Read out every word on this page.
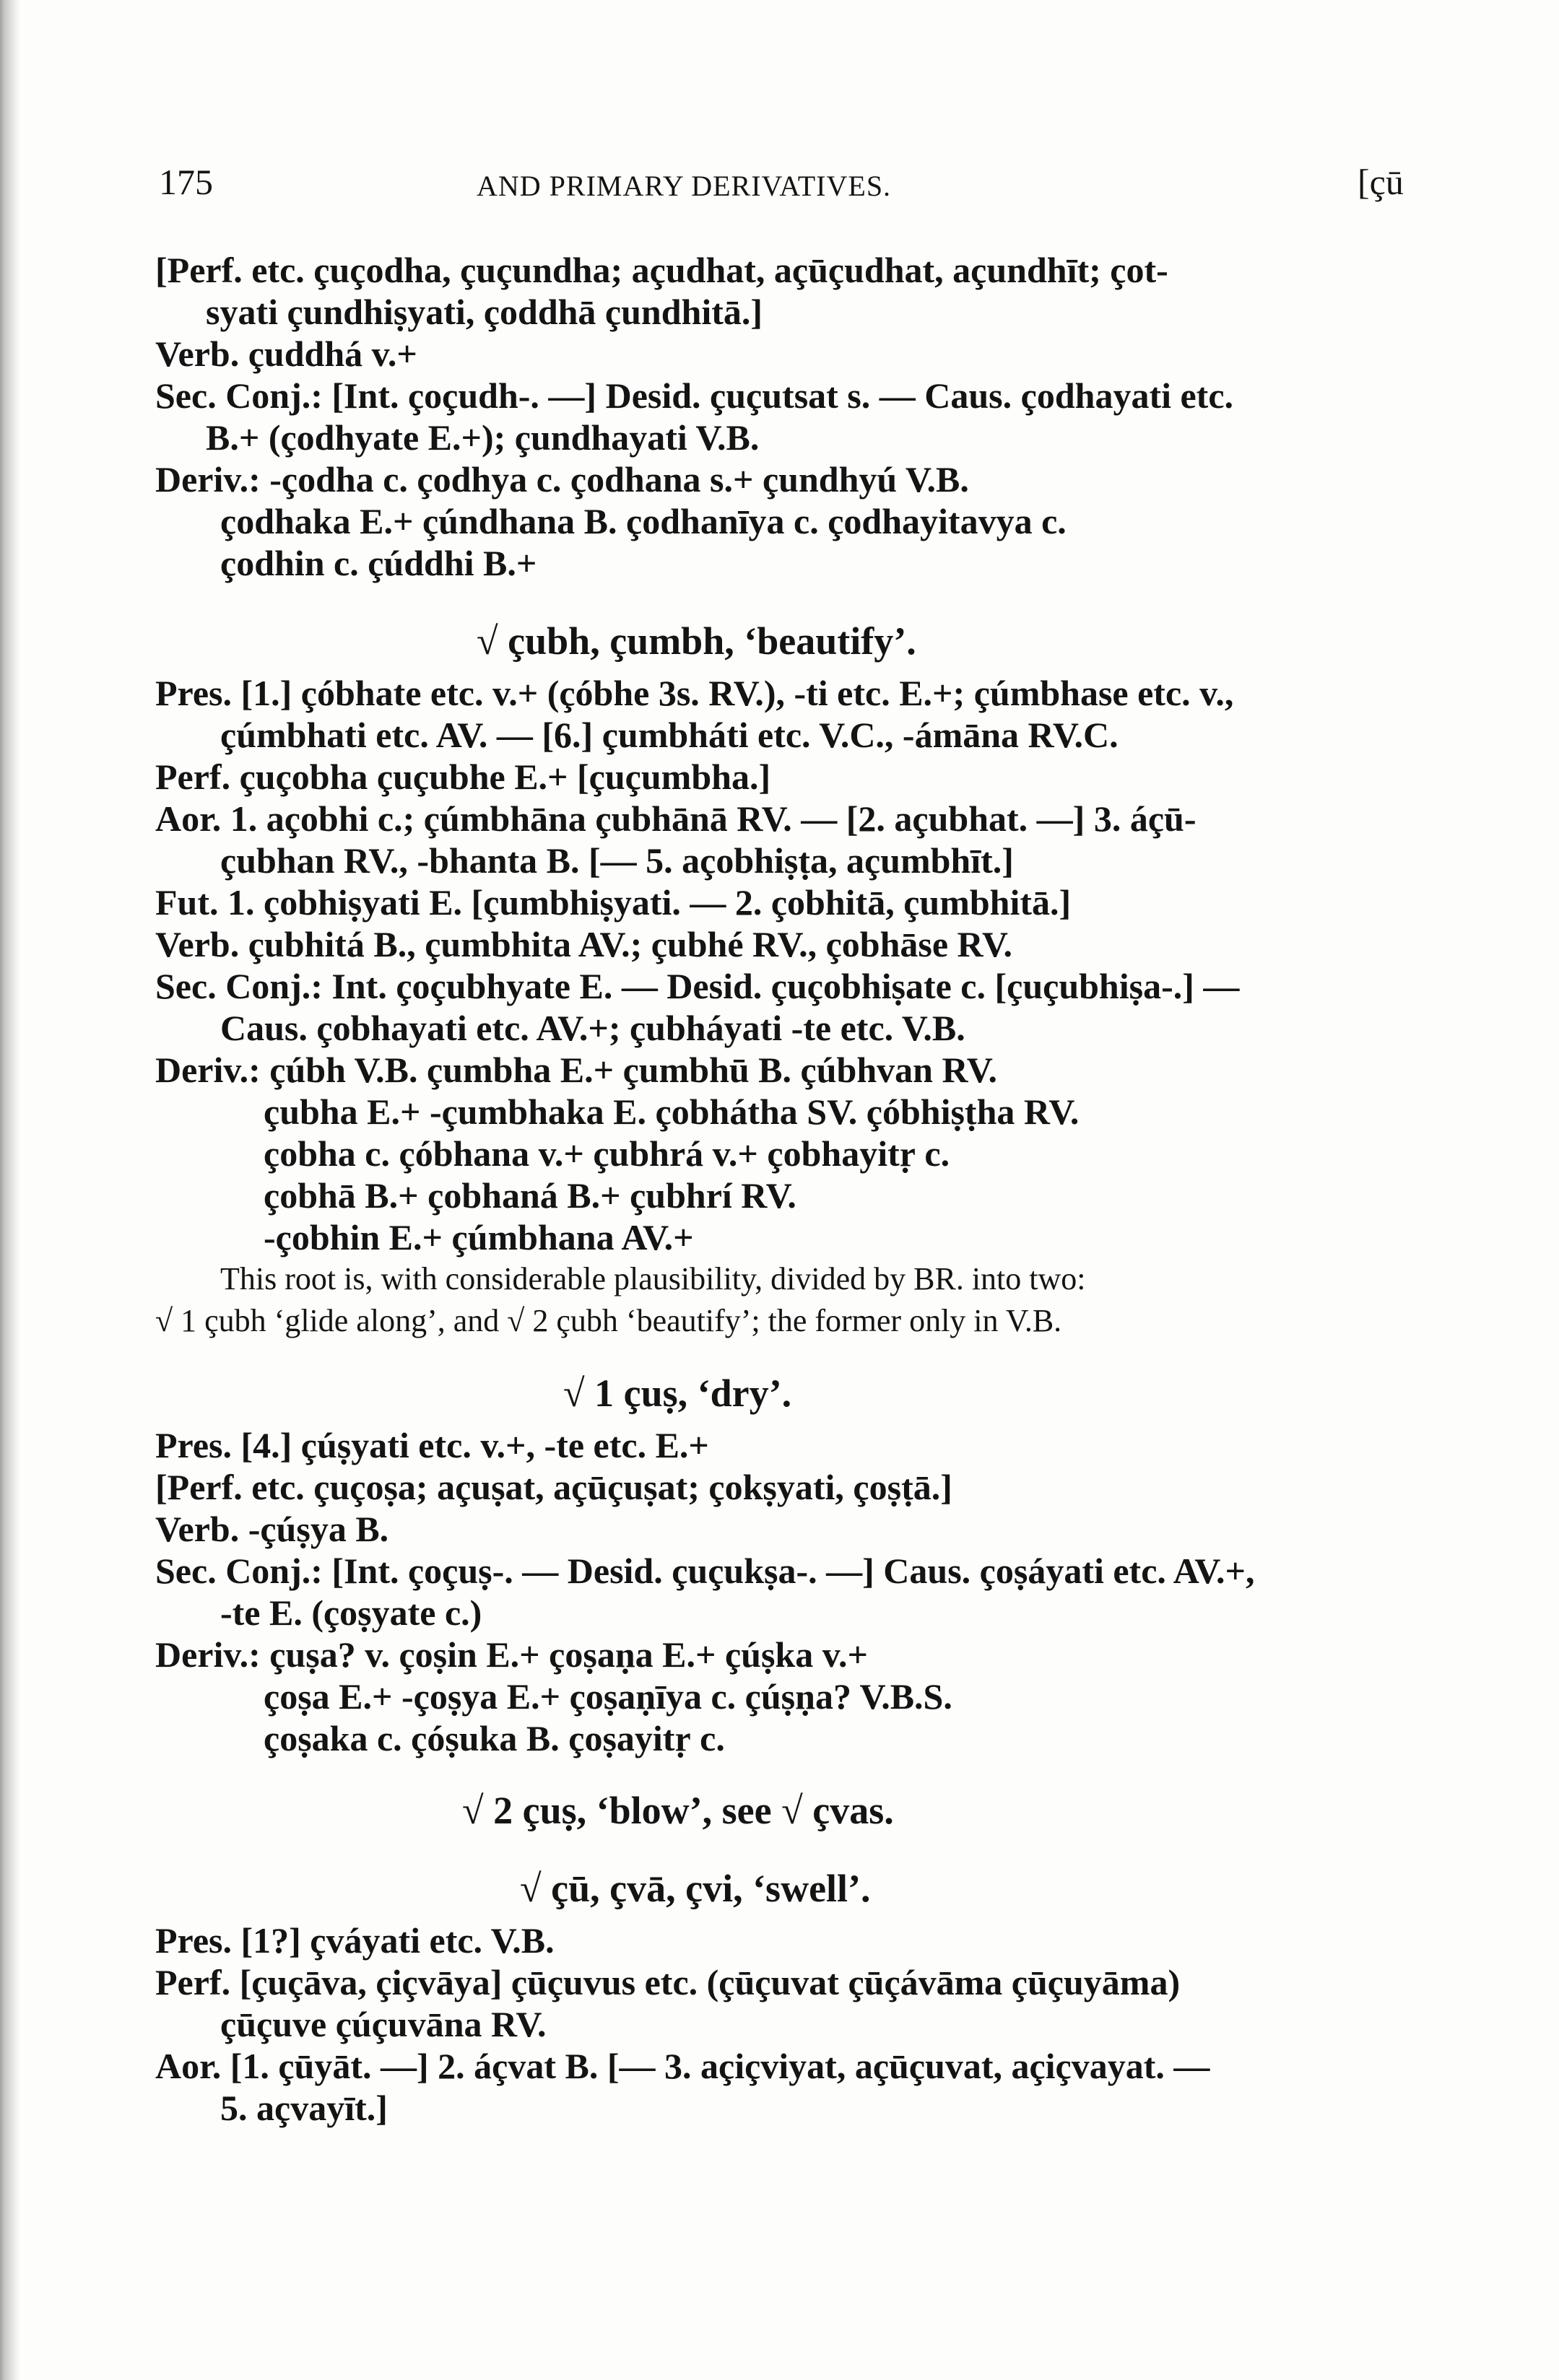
175	AND PRIMARY DERIVATIVES.	[çū
[Perf. etc. çuçodha, çuçundha; açudhat, açūçudhat, açundhīt; çot-
syati çundhiṣyati, çoddhā çundhitā.]
Verb. çuddhá v.+
Sec. Conj.: [Int. çoçudh-. —] Desid. çuçutsat s. — Caus. çodhayati etc.
B.+ (çodhyate E.+); çundhayati V.B.
Deriv.: -çodha c. çodhya c. çodhana s.+ çundhyú V.B.
çodhaka E.+ çúndhana B. çodhanīya c. çodhayitavya c.
çodhin c. çúddhi B.+
√ çubh, çumbh, ‘beautify’.
Pres. [1.] çóbhate etc. v.+ (çóbhe 3s. RV.), -ti etc. E.+; çúmbhase etc. v.,
çúmbhati etc. AV. — [6.] çumbháti etc. V.C., -ámāna RV.C.
Perf. çuçobha çuçubhe E.+ [çuçumbha.]
Aor. 1. açobhi c.; çúmbhāna çubhānā RV. — [2. açubhat. —] 3. áçū-
çubhan RV., -bhanta B. [— 5. açobhiṣṭa, açumbhīt.]
Fut. 1. çobhiṣyati E. [çumbhiṣyati. — 2. çobhitā, çumbhitā.]
Verb. çubhitá B., çumbhita AV.; çubhé RV., çobhāse RV.
Sec. Conj.: Int. çoçubhyate E. — Desid. çuçobhiṣate c. [çuçubhiṣa-.] —
Caus. çobhayati etc. AV.+; çubháyati -te etc. V.B.
Deriv.: çúbh V.B. çumbha E.+ çumbhū B. çúbhvan RV.
çubha E.+ -çumbhaka E. çobhátha SV. çóbhiṣṭha RV.
çobha c. çóbhana v.+ çubhrá v.+ çobhayitṛ c.
çobhā B.+ çobhaná B.+ çubhrí RV.
-çobhin E.+ çúmbhana AV.+
This root is, with considerable plausibility, divided by BR. into two:
√ 1 çubh ‘glide along’, and √ 2 çubh ‘beautify’; the former only in V.B.
√ 1 çuṣ, ‘dry’.
Pres. [4.] çúṣyati etc. v.+, -te etc. E.+
[Perf. etc. çuçoṣa; açuṣat, açūçuṣat; çokṣyati, çoṣṭā.]
Verb. -çúṣya B.
Sec. Conj.: [Int. çoçuṣ-. — Desid. çuçukṣa-. —] Caus. çoṣáyati etc. AV.+,
-te E. (çoṣyate c.)
Deriv.: çuṣa? v. çoṣin E.+ çoṣaṇa E.+ çúṣka v.+
çoṣa E.+ -çoṣya E.+ çoṣaṇīya c. çúṣṇa? V.B.S.
çoṣaka c. çóṣuka B. çoṣayitṛ c.
√ 2 çuṣ, ‘blow’, see √ çvas.
√ çū, çvā, çvi, ‘swell’.
Pres. [1?] çváyati etc. V.B.
Perf. [çuçāva, çiçvāya] çūçuvus etc. (çūçuvat çūçávāma çūçuyāma)
çūçuve çúçuvāna RV.
Aor. [1. çūyāt. —] 2. áçvat B. [— 3. açiçviyat, açūçuvat, açiçvayat. —
5. açvayīt.]
